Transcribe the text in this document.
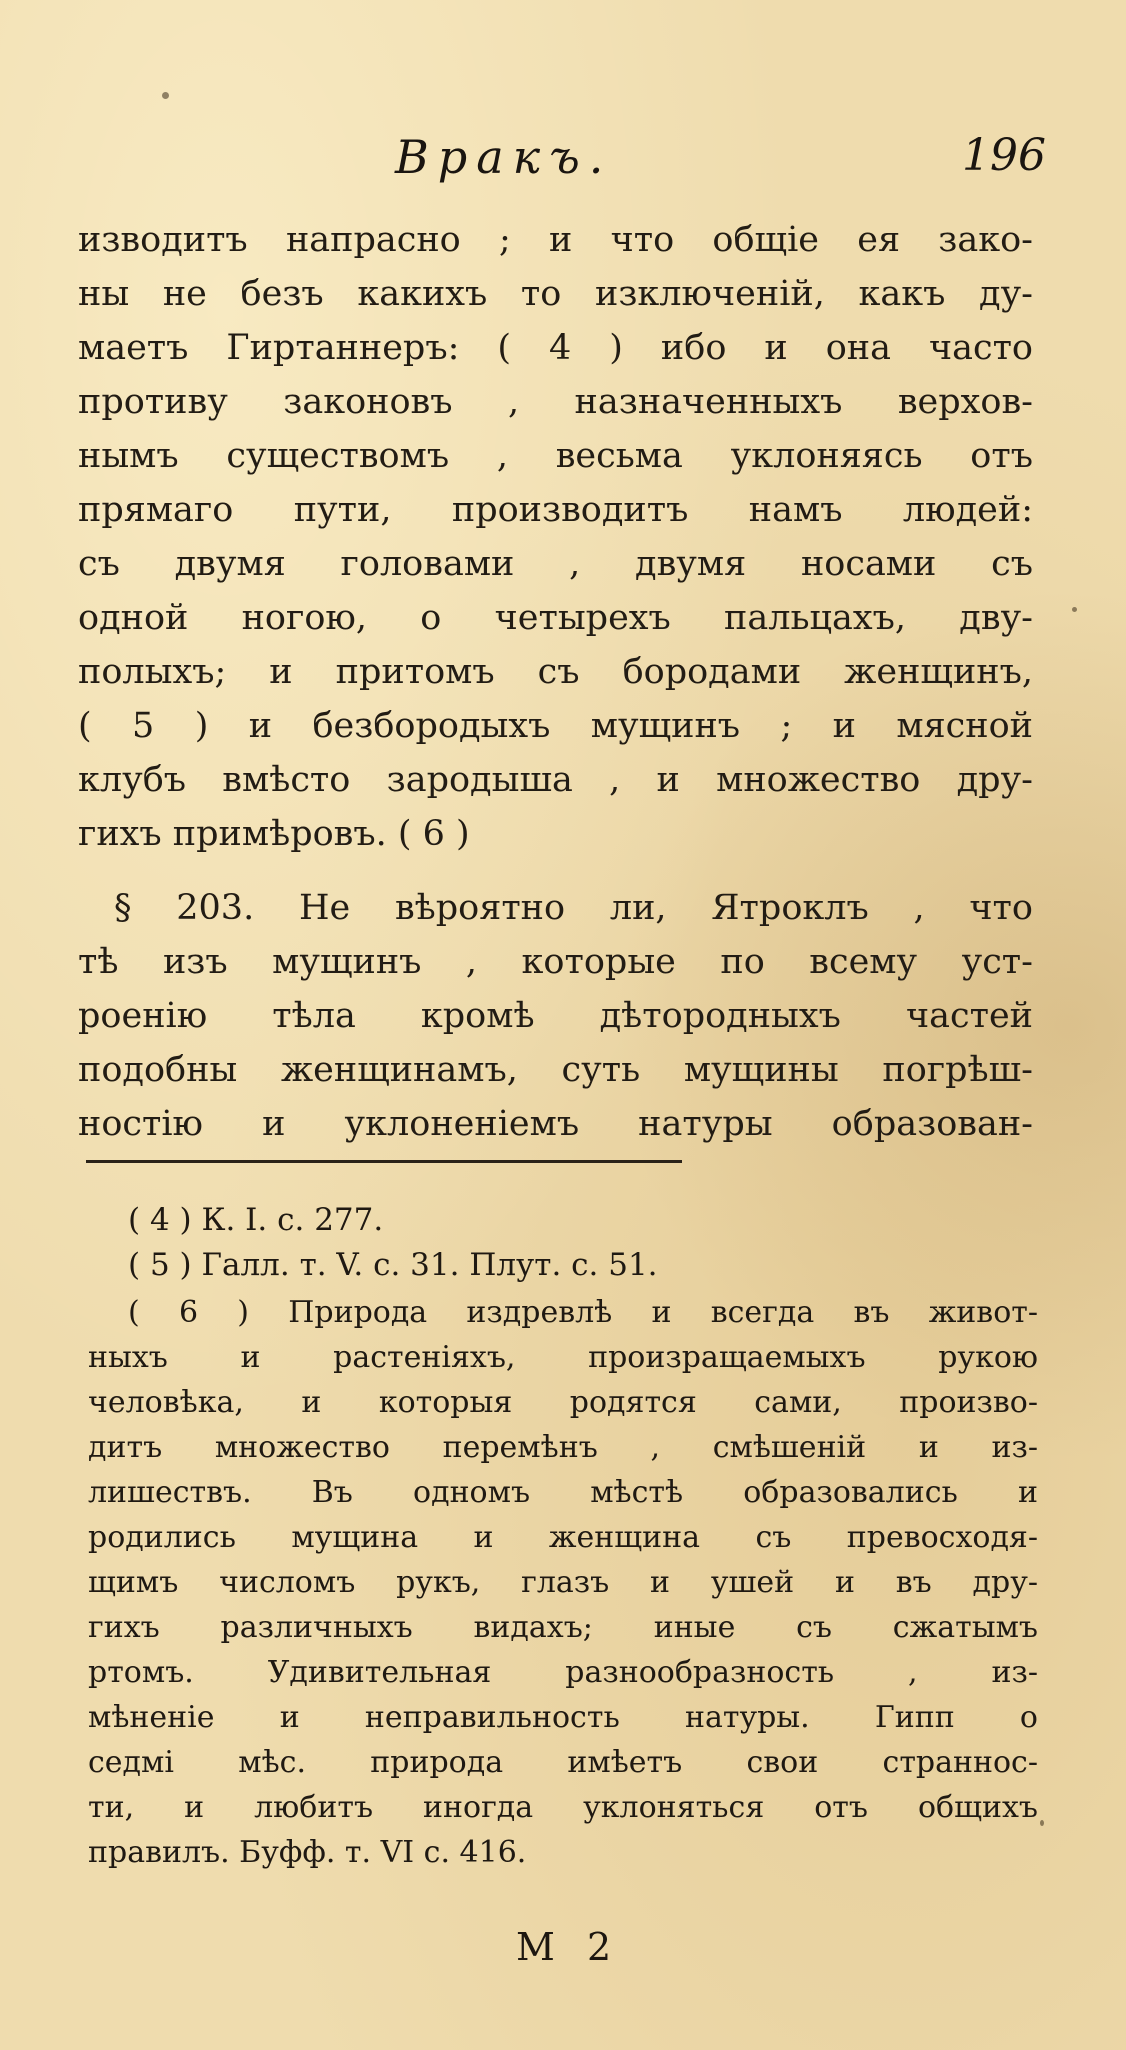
Вракъ.	196
изводитъ напрасно ; и что общіе ея зако-
ны не безъ какихъ то изключеній, какъ ду-
маетъ Гиртаннеръ: ( 4 ) ибо и она часто
противу законовъ , назначенныхъ верхов-
нымъ существомъ , весьма уклоняясь отъ
прямаго пути, производитъ намъ людей:
съ двумя головами , двумя носами съ
одной ногою, о четырехъ пальцахъ, дву-
полыхъ; и притомъ съ бородами женщинъ,
( 5 ) и безбородыхъ мущинъ ; и мясной
клубъ вмѣсто зародыша , и множество дру-
гихъ примѣровъ. ( 6 )
§ 203. Не вѣроятно ли, Ятроклъ , что
тѣ изъ мущинъ , которые по всему уст-
роенію тѣла кромѣ дѣтородныхъ частей
подобны женщинамъ, суть мущины погрѣш-
ностію и уклоненіемъ натуры образован-

( 4 ) К. I. с. 277.

( 5 ) Галл. т. V. с. 31. Плут. с. 51.

( 6 ) Природа издревлѣ и всегда въ живот-
ныхъ и растеніяхъ, произращаемыхъ рукою
человѣка, и которыя родятся сами, произво-
дитъ множество перемѣнъ , смѣшеній и из-
лишествъ. Въ одномъ мѣстѣ образовались и
родились мущина и женщина съ превосходя-
щимъ числомъ рукъ, глазъ и ушей и въ дру-
гихъ различныхъ видахъ; иные съ сжатымъ
ртомъ. Удивительная разнообразность , из-
мѣненіе и неправильность натуры. Гипп о
седмі мѣс. природа имѣетъ свои страннос-
ти, и любитъ иногда уклоняться отъ общихъ
правилъ. Буфф. т. VI с. 416.
М 2
